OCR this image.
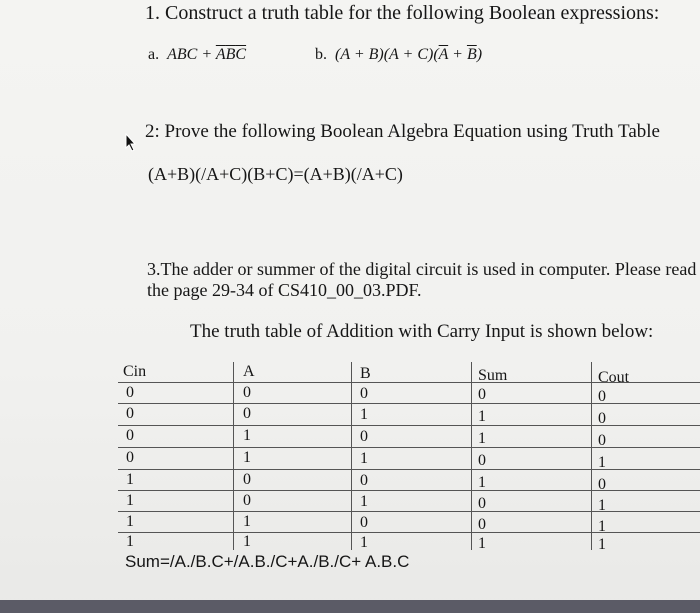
1. Construct a truth table for the following Boolean expressions:
a.  ABC + $\overline{A}\overline{B}\overline{C}$	b.  $(A + B)(A + C)(\overline{A} + \overline{B})$
2: Prove the following Boolean Algebra Equation using Truth Table
(A+B)(/A+C)(B+C)=(A+B)(/A+C)
3.The adder or summer of the digital circuit is used in computer. Please read the page 29-34 of CS410_00_03.PDF.
The truth table of Addition with Carry Input is shown below:
Cin	A	B	Sum	Cout
0	0	0	0	0
0	0	1	1	0
0	1	0	1	0
0	1	1	0	1
1	0	0	1	0
1	0	1	0	1
1	1	0	0	1
1	1	1	1	1
Sum=/A./B.C+/A.B./C+A./B./C+ A.B.C
